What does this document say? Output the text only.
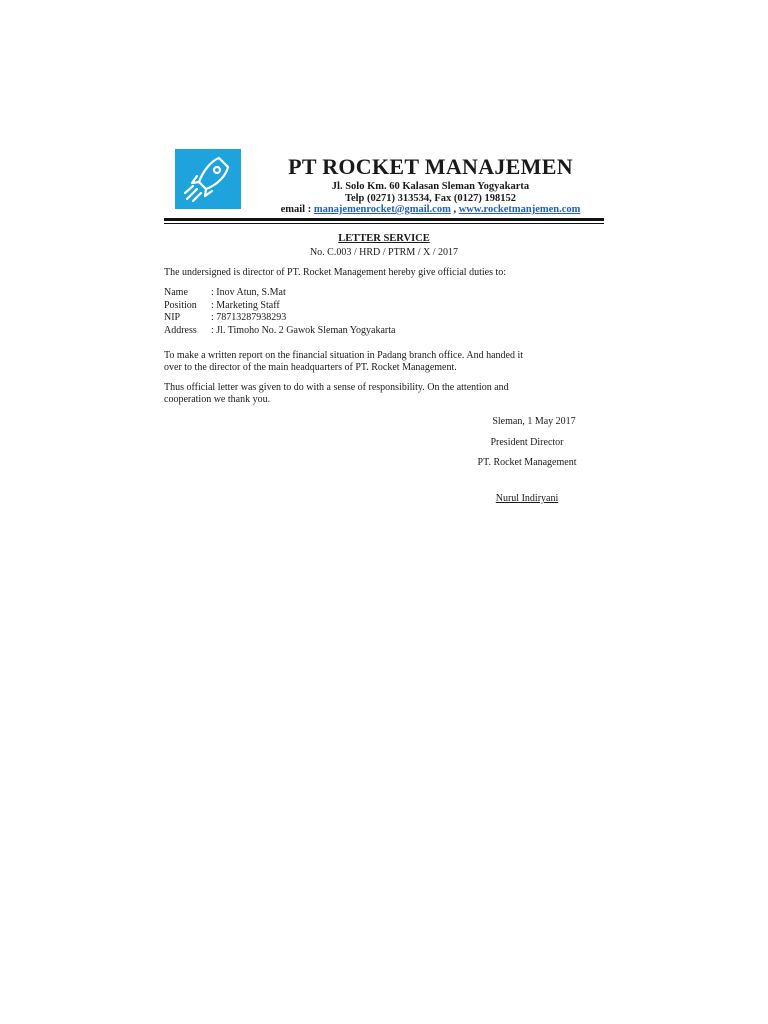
PT ROCKET MANAJEMEN
Jl. Solo Km. 60 Kalasan Sleman Yogyakarta
Telp (0271) 313534, Fax (0127) 198152
email : manajemenrocket@gmail.com , www.rocketmanjemen.com
LETTER SERVICE
No. C.003 / HRD / PTRM / X / 2017
The undersigned is director of PT. Rocket Management hereby give official duties to:
Name : Inov Atun, S.Mat
Position : Marketing Staff
NIP	: 78713287938293
Address : Jl. Timoho No. 2 Gawok Sleman Yogyakarta
To make a written report on the financial situation in Padang branch office. And handed it
over to the director of the main headquarters of PT. Rocket Management.
Thus official letter was given to do with a sense of responsibility. On the attention and
cooperation we thank you.
Sleman, 1 May 2017
President Director
PT. Rocket Management
Nurul Indiryani
